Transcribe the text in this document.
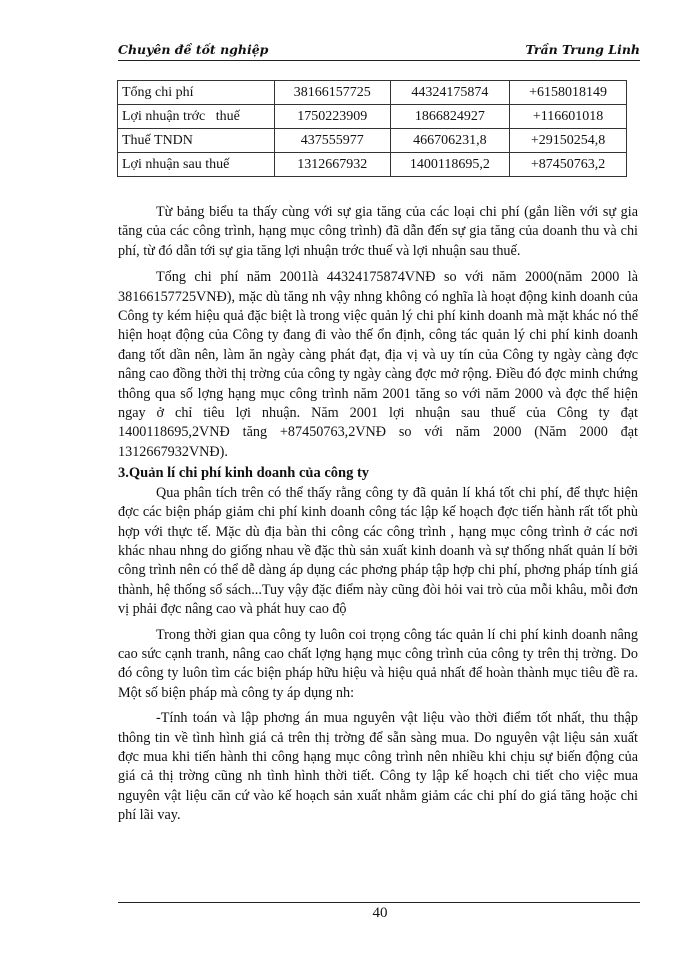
Chuyên đề tốt nghiệp	Trần Trung Linh
Tổng chi phí	38166157725	44324175874	+6158018149
Lợi nhuận trớc   thuế	1750223909	1866824927	+116601018
Thuế TNDN	437555977	466706231,8	+29150254,8
Lợi nhuận sau thuế	1312667932	1400118695,2	+87450763,2

Từ bảng biểu ta thấy cùng với sự gia tăng của các loại chi phí (gắn liền với sự gia tăng của các công trình, hạng mục công trình) đã dẫn đến sự gia tăng của doanh thu và chi phí, từ đó dẫn tới sự gia tăng lợi nhuận trớc thuế và lợi nhuận sau thuế.

Tổng chi phí năm 2001là 44324175874VNĐ so với năm 2000(năm 2000 là 38166157725VNĐ), mặc dù tăng nh vậy nhng không có nghĩa là hoạt động kinh doanh của Công ty kém hiệu quả đặc biệt là trong việc quản lý chi phí kinh doanh mà mặt khác nó thể hiện hoạt động của Công ty đang đi vào thế ổn định, công tác quản lý chi phí kinh doanh đang tốt dần nên, làm ăn ngày càng phát đạt, địa vị và uy tín của Công ty ngày càng đợc nâng cao đồng thời thị trờng của công ty ngày càng đợc mở rộng. Điều đó đợc minh chứng thông qua số lợng hạng mục công trình năm 2001 tăng so với năm 2000 và đợc thể hiện ngay ở chỉ tiêu lợi nhuận. Năm 2001 lợi nhuận sau thuế của Công ty đạt 1400118695,2VNĐ tăng +87450763,2VNĐ so với năm 2000 (Năm 2000 đạt 1312667932VNĐ).

3.Quản lí chi phí kinh doanh của công ty

Qua phân tích trên có thể thấy rằng công ty đã quản lí khá tốt chi phí, để thực hiện đợc các biện pháp giảm chi phí kinh doanh công tác lập kế hoạch đợc tiến hành rất tốt phù hợp với thực tế. Mặc dù địa bàn thi công các công trình , hạng mục công trình ở các nơi khác nhau nhng do giống nhau về đặc thù sản xuất kinh doanh và sự thống nhất quản lí bởi công trình nên có thể dễ dàng áp dụng các phơng pháp tập hợp chi phí, phơng pháp tính giá thành, hệ thống sổ sách...Tuy vậy đặc điểm này cũng đòi hỏi vai trò của mỗi khâu, mỗi đơn vị phải đợc nâng cao và phát huy cao độ

Trong thời gian qua công ty luôn coi trọng công tác quản lí chi phí kinh doanh nâng cao sức cạnh tranh, nâng cao chất lợng hạng mục công trình của công ty trên thị trờng. Do đó công ty luôn tìm các biện pháp hữu hiệu và hiệu quả nhất để hoàn thành mục tiêu đề ra. Một số biện pháp mà công ty áp dụng nh:

-Tính toán và lập phơng án mua nguyên vật liệu vào thời điểm tốt nhất, thu thập thông tin về tình hình giá cả trên thị trờng để sẵn sàng mua. Do nguyên vật liệu sản xuất đợc mua khi tiến hành thi công hạng mục công trình nên nhiều khi chịu sự biến động của giá cả thị trờng cũng nh tình hình thời tiết. Công ty lập kế hoạch chi tiết cho việc mua nguyên vật liệu căn cứ vào kế hoạch sản xuất nhằm giảm các chi phí do giá tăng hoặc chi phí lãi vay.

40
